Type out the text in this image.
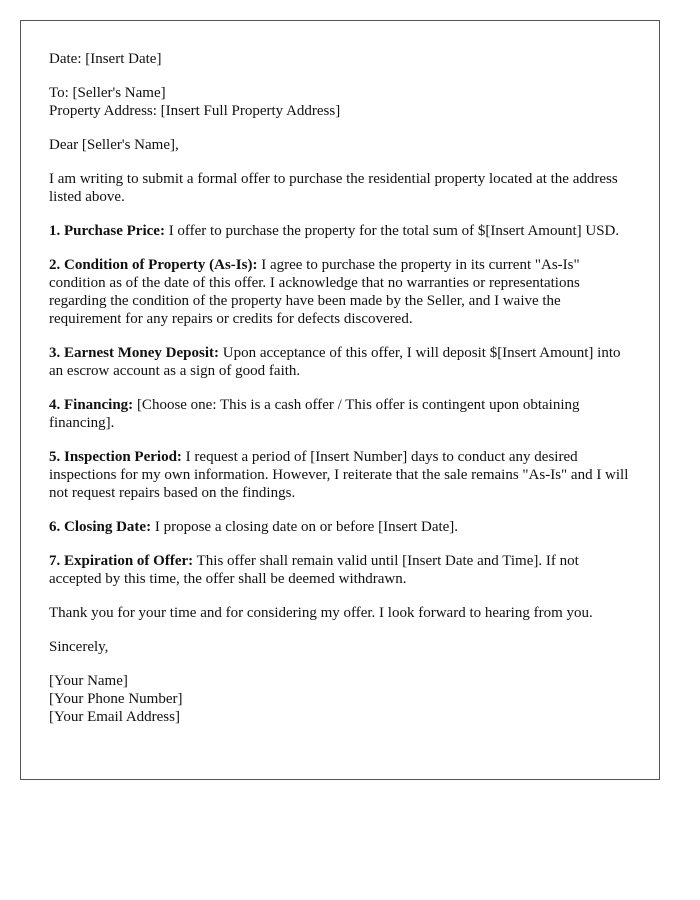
Date: [Insert Date]

To: [Seller's Name]
Property Address: [Insert Full Property Address]

Dear [Seller's Name],

I am writing to submit a formal offer to purchase the residential property located at the address listed above.

1. Purchase Price: I offer to purchase the property for the total sum of $[Insert Amount] USD.

2. Condition of Property (As-Is): I agree to purchase the property in its current "As-Is" condition as of the date of this offer. I acknowledge that no warranties or representations regarding the condition of the property have been made by the Seller, and I waive the requirement for any repairs or credits for defects discovered.

3. Earnest Money Deposit: Upon acceptance of this offer, I will deposit $[Insert Amount] into an escrow account as a sign of good faith.

4. Financing: [Choose one: This is a cash offer / This offer is contingent upon obtaining financing].

5. Inspection Period: I request a period of [Insert Number] days to conduct any desired inspections for my own information. However, I reiterate that the sale remains "As-Is" and I will not request repairs based on the findings.

6. Closing Date: I propose a closing date on or before [Insert Date].

7. Expiration of Offer: This offer shall remain valid until [Insert Date and Time]. If not accepted by this time, the offer shall be deemed withdrawn.

Thank you for your time and for considering my offer. I look forward to hearing from you.

Sincerely,

[Your Name]
[Your Phone Number]
[Your Email Address]
